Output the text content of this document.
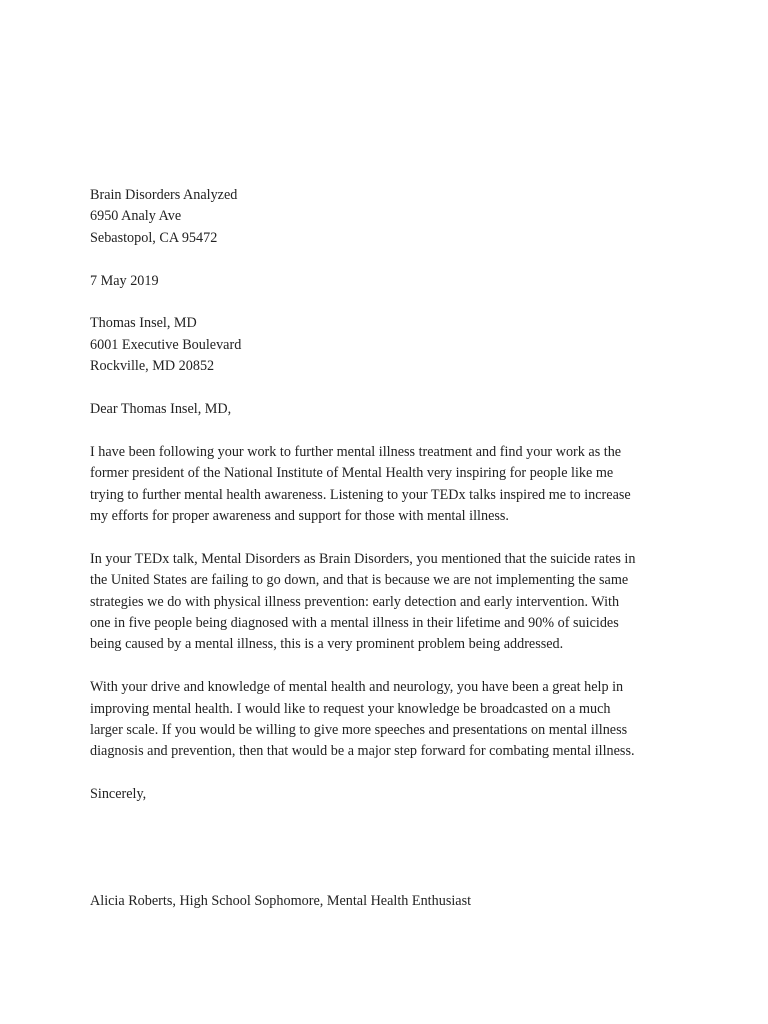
Brain Disorders Analyzed
6950 Analy Ave
Sebastopol, CA 95472
7 May 2019
Thomas Insel, MD
6001 Executive Boulevard
Rockville, MD 20852
Dear Thomas Insel, MD,
I have been following your work to further mental illness treatment and find your work as the
former president of the National Institute of Mental Health very inspiring for people like me
trying to further mental health awareness. Listening to your TEDx talks inspired me to increase
my efforts for proper awareness and support for those with mental illness.
In your TEDx talk, Mental Disorders as Brain Disorders, you mentioned that the suicide rates in
the United States are failing to go down, and that is because we are not implementing the same
strategies we do with physical illness prevention: early detection and early intervention. With
one in five people being diagnosed with a mental illness in their lifetime and 90% of suicides
being caused by a mental illness, this is a very prominent problem being addressed.
With your drive and knowledge of mental health and neurology, you have been a great help in
improving mental health. I would like to request your knowledge be broadcasted on a much
larger scale. If you would be willing to give more speeches and presentations on mental illness
diagnosis and prevention, then that would be a major step forward for combating mental illness.
Sincerely,
Alicia Roberts, High School Sophomore, Mental Health Enthusiast
